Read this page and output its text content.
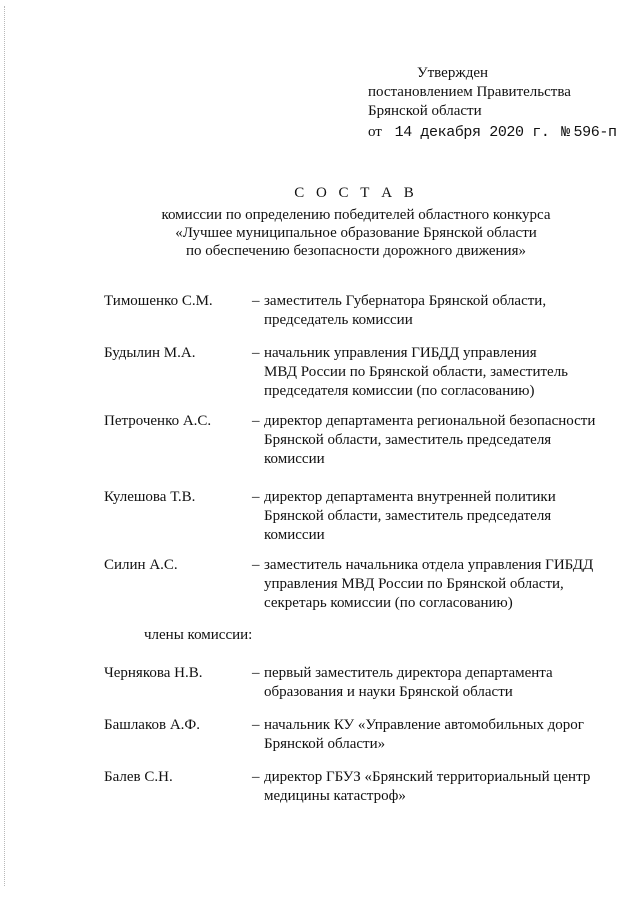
Утвержден
постановлением Правительства
Брянской области
от 14 декабря 2020 г. № 596-п
С О С Т А В
комиссии по определению победителей областного конкурса
«Лучшее муниципальное образование Брянской области
по обеспечению безопасности дорожного движения»
Тимошенко С.М.	– заместитель Губернатора Брянской области,
председатель комиссии
Будылин М.А.	– начальник управления ГИБДД управления
МВД России по Брянской области, заместитель
председателя комиссии (по согласованию)
Петроченко А.С.	– директор департамента региональной безопасности
Брянской области, заместитель председателя
комиссии
Кулешова Т.В.	– директор департамента внутренней политики
Брянской области, заместитель председателя
комиссии
Силин А.С.	– заместитель начальника отдела управления ГИБДД
управления МВД России по Брянской области,
секретарь комиссии (по согласованию)
члены комиссии:
Чернякова Н.В.	– первый заместитель директора департамента
образования и науки Брянской области
Башлаков А.Ф.	– начальник КУ «Управление автомобильных дорог
Брянской области»
Балев С.Н.	– директор ГБУЗ «Брянский территориальный центр
медицины катастроф»
